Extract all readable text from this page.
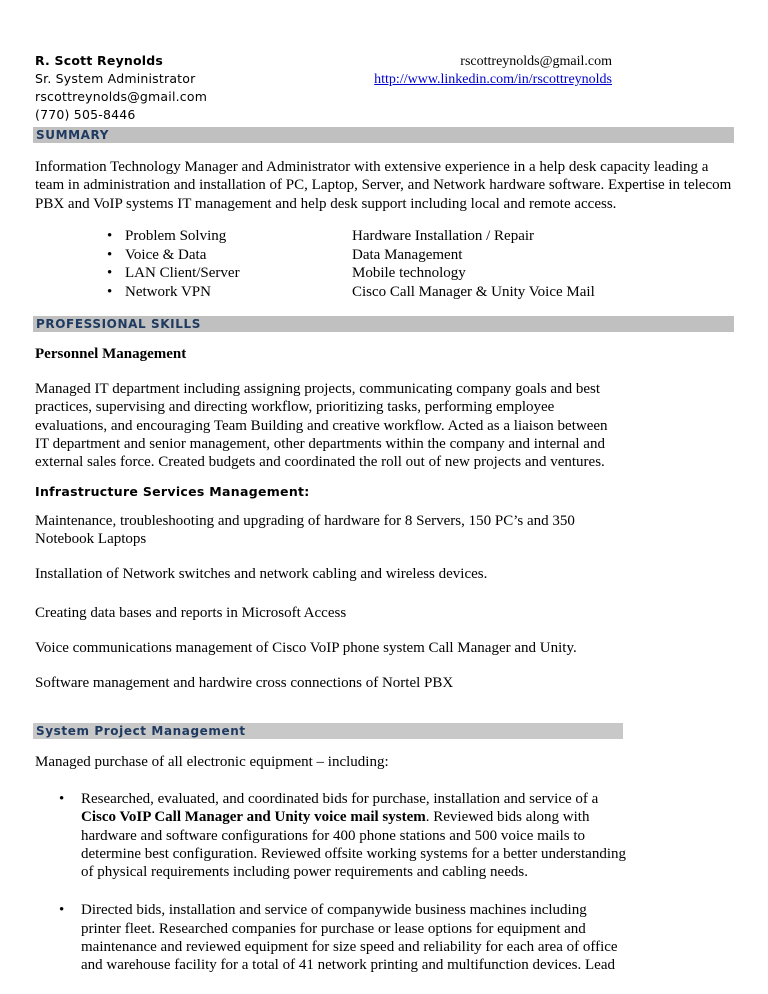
R. Scott Reynolds
Sr. System Administrator
rscottreynolds@gmail.com
(770) 505-8446
rscottreynolds@gmail.com
http://www.linkedin.com/in/rscottreynolds
SUMMARY
Information Technology Manager and Administrator with extensive experience in a help desk capacity leading a team in administration and installation of PC, Laptop, Server, and Network hardware software. Expertise in telecom PBX and VoIP systems IT management and help desk support including local and remote access.
• Problem Solving
• Voice & Data
• LAN Client/Server
• Network VPN
Hardware Installation / Repair
Data Management
Mobile technology
Cisco Call Manager & Unity Voice Mail
PROFESSIONAL SKILLS
Personnel Management
Managed IT department including assigning projects, communicating company goals and best practices, supervising and directing workflow, prioritizing tasks, performing employee evaluations, and encouraging Team Building and creative workflow. Acted as a liaison between IT department and senior management, other departments within the company and internal and external sales force. Created budgets and coordinated the roll out of new projects and ventures.
Infrastructure Services Management:
Maintenance, troubleshooting and upgrading of hardware for 8 Servers, 150 PC’s and 350 Notebook Laptops
Installation of Network switches and network cabling and wireless devices.
Creating data bases and reports in Microsoft Access
Voice communications management of Cisco VoIP phone system Call Manager and Unity.
Software management and hardwire cross connections of Nortel PBX
System Project Management
Managed purchase of all electronic equipment – including:
• Researched, evaluated, and coordinated bids for purchase, installation and service of a Cisco VoIP Call Manager and Unity voice mail system. Reviewed bids along with hardware and software configurations for 400 phone stations and 500 voice mails to determine best configuration. Reviewed offsite working systems for a better understanding of physical requirements including power requirements and cabling needs.
• Directed bids, installation and service of companywide business machines including printer fleet. Researched companies for purchase or lease options for equipment and maintenance and reviewed equipment for size speed and reliability for each area of office and warehouse facility for a total of 41 network printing and multifunction devices. Lead
